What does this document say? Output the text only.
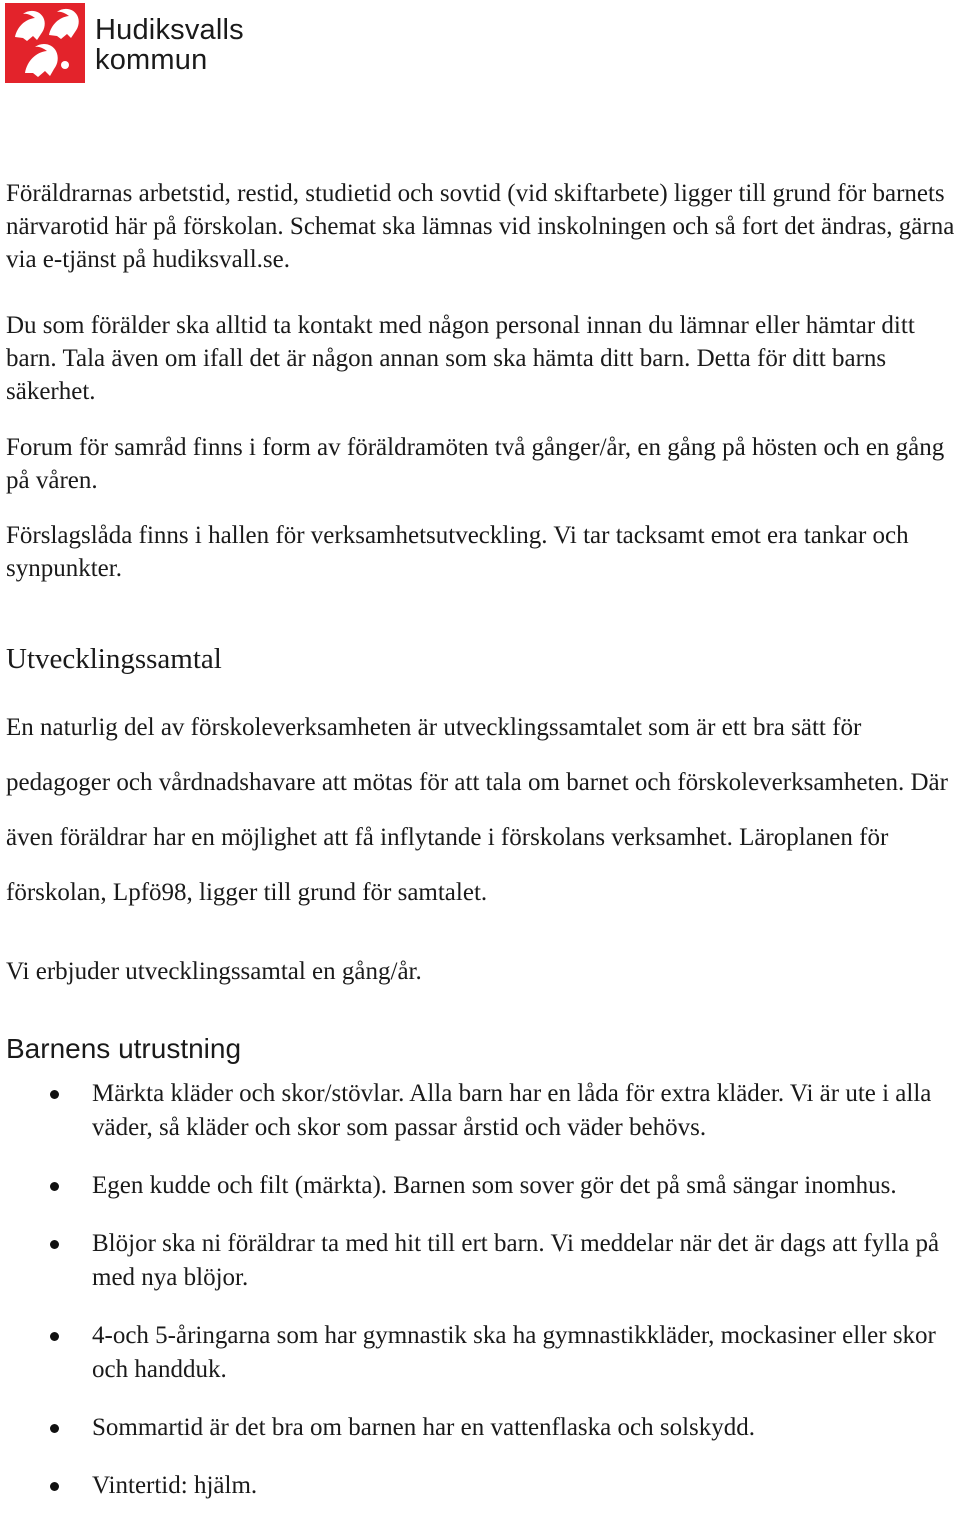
Hudiksvalls
kommun
Föräldrarnas arbetstid, restid, studietid och sovtid (vid skiftarbete) ligger till grund för barnets närvarotid här på förskolan. Schemat ska lämnas vid inskolningen och så fort det ändras, gärna via e-tjänst på hudiksvall.se.
Du som förälder ska alltid ta kontakt med någon personal innan du lämnar eller hämtar ditt barn. Tala även om ifall det är någon annan som ska hämta ditt barn. Detta för ditt barns säkerhet.
Forum för samråd finns i form av föräldramöten två gånger/år, en gång på hösten och en gång på våren.
Förslagslåda finns i hallen för verksamhetsutveckling. Vi tar tacksamt emot era tankar och synpunkter.
Utvecklingssamtal
En naturlig del av förskoleverksamheten är utvecklingssamtalet som är ett bra sätt för pedagoger och vårdnadshavare att mötas för att tala om barnet och förskoleverksamheten. Där även föräldrar har en möjlighet att få inflytande i förskolans verksamhet. Läroplanen för förskolan, Lpfö98, ligger till grund för samtalet.
Vi erbjuder utvecklingssamtal en gång/år.
Barnens utrustning
Märkta kläder och skor/stövlar. Alla barn har en låda för extra kläder. Vi är ute i alla väder, så kläder och skor som passar årstid och väder behövs.
Egen kudde och filt (märkta). Barnen som sover gör det på små sängar inomhus.
Blöjor ska ni föräldrar ta med hit till ert barn. Vi meddelar när det är dags att fylla på med nya blöjor.
4-och 5-åringarna som har gymnastik ska ha gymnastikkläder, mockasiner eller skor och handduk.
Sommartid är det bra om barnen har en vattenflaska och solskydd.
Vintertid: hjälm.
